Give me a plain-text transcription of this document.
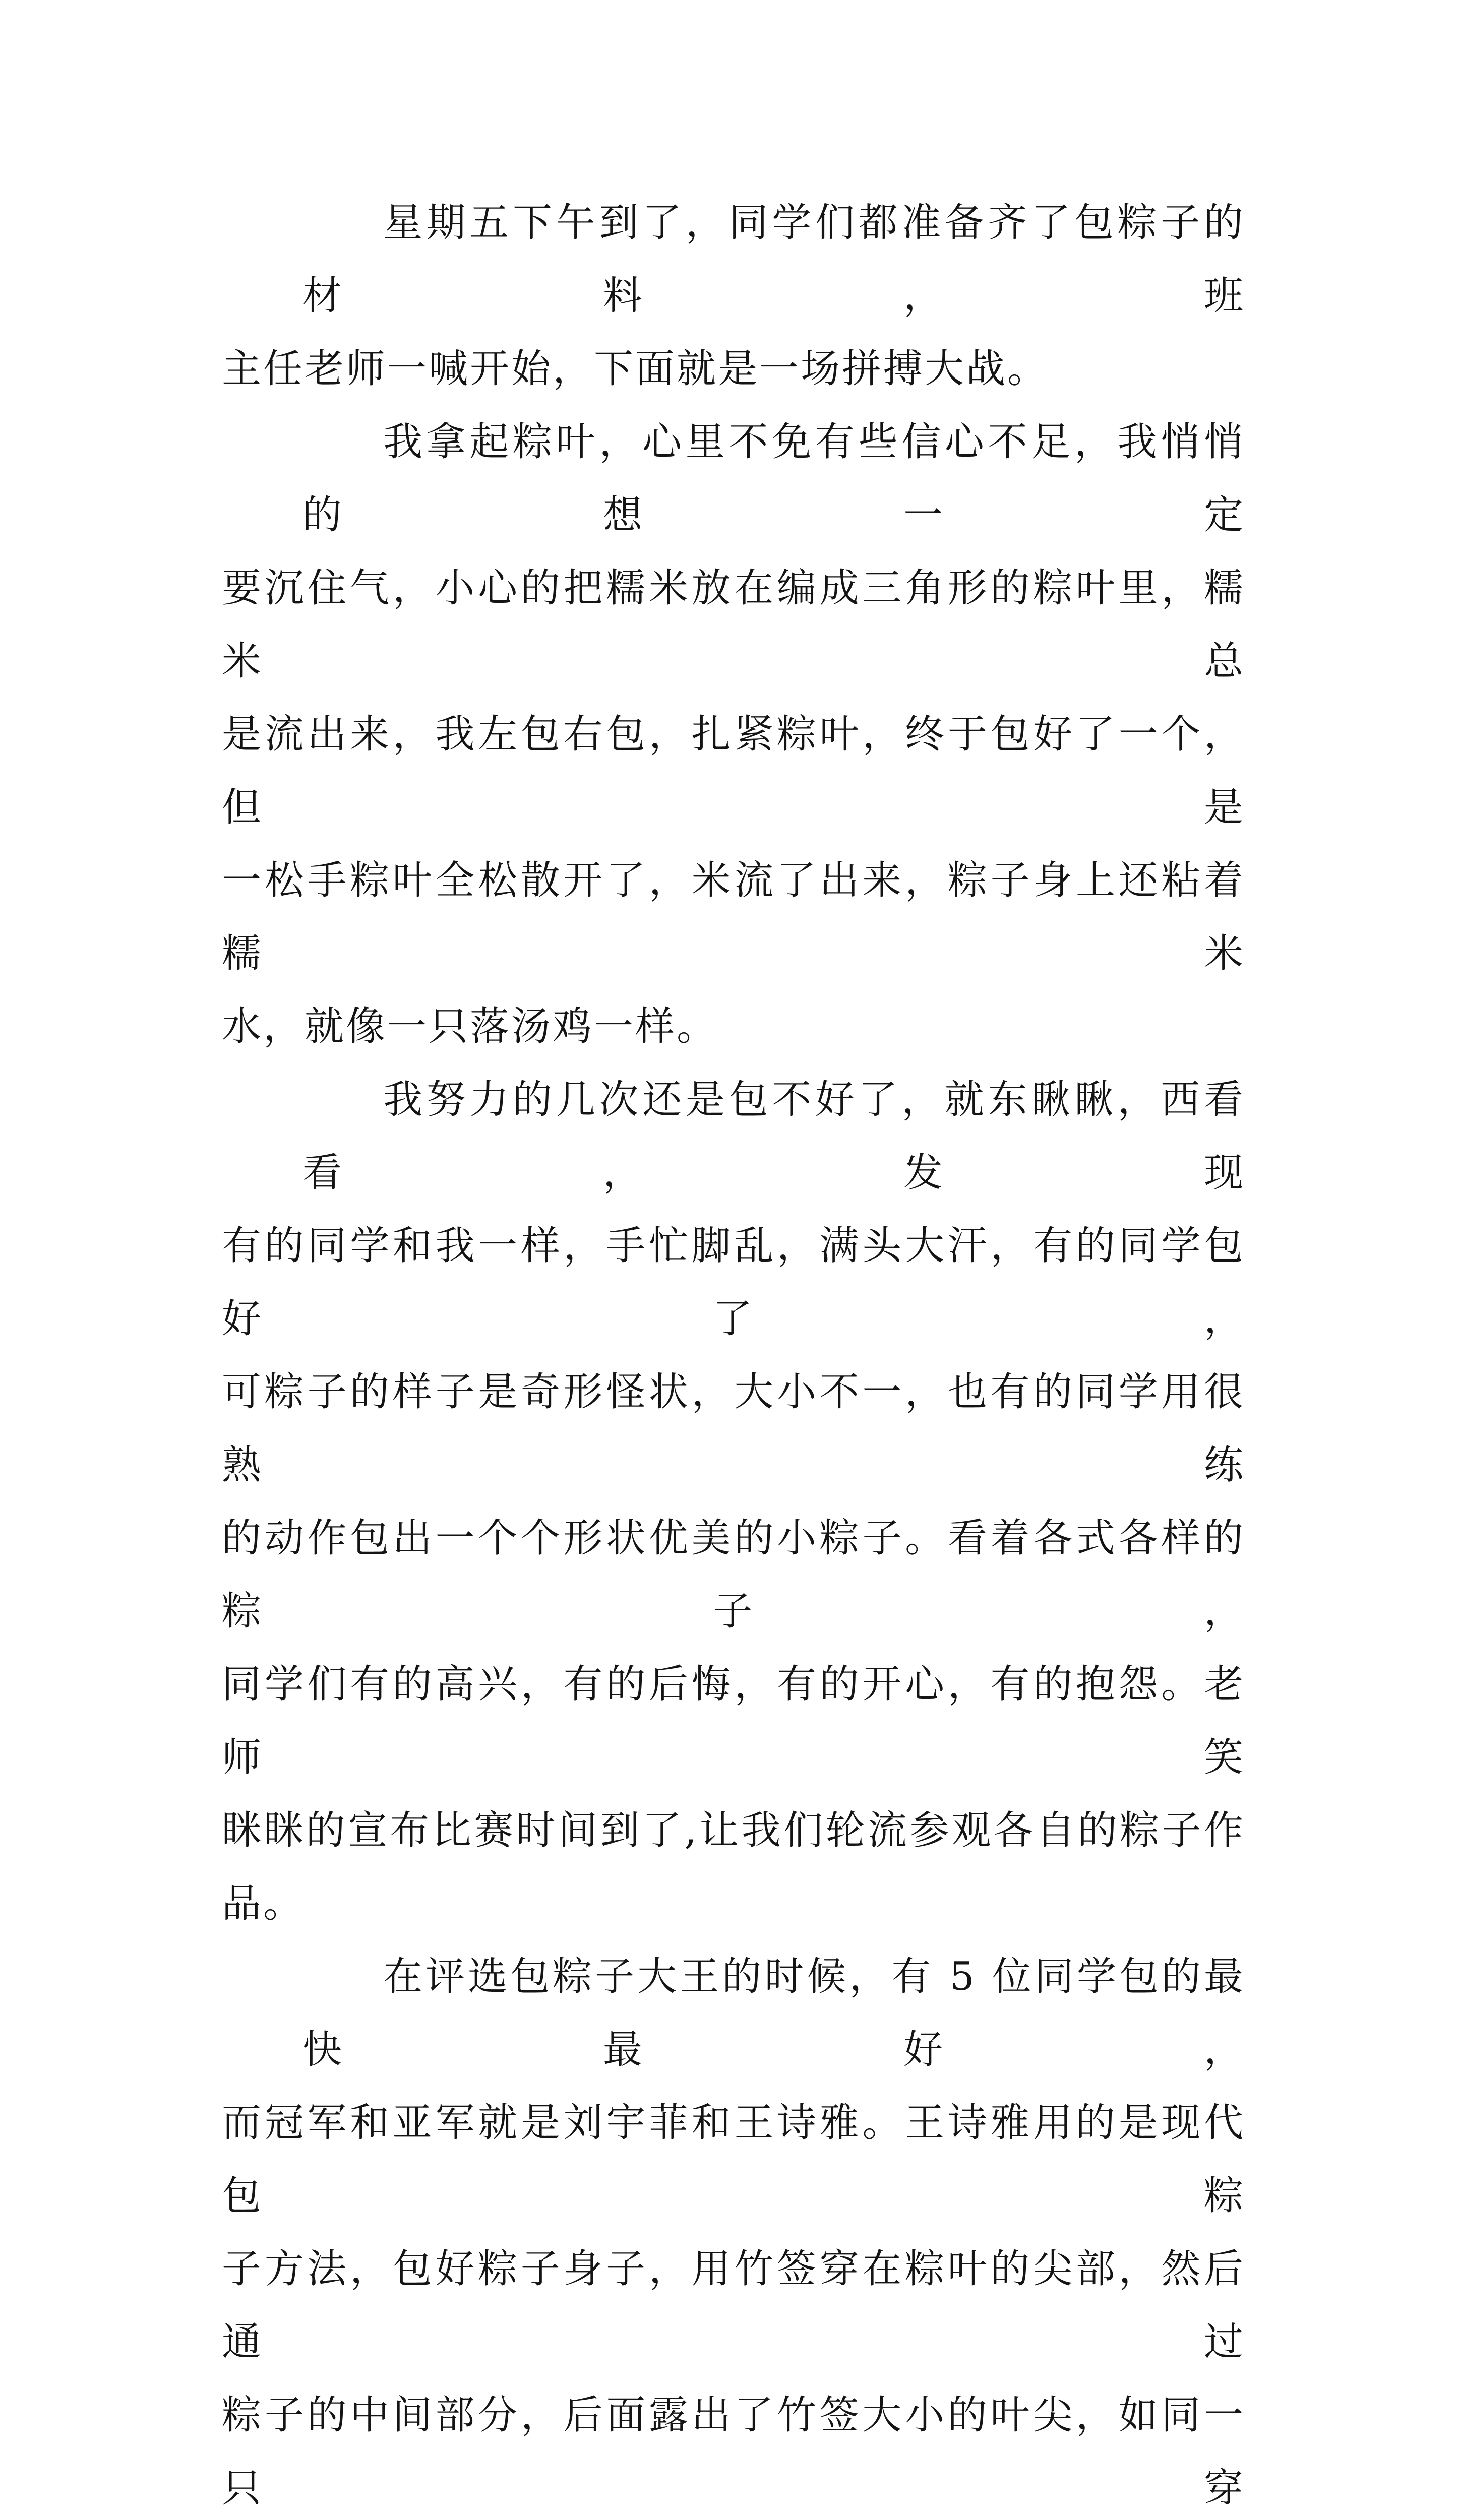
星期五下午到了，同学们都准备齐了包粽子的材料，班
主任老师一喊开始，下面就是一场拼搏大战。
我拿起粽叶，心里不免有些信心不足，我悄悄的想一定
要沉住气，小心的把糯米放在编成三角形的粽叶里，糯米总
是流出来，我左包右包，扎紧粽叶，终于包好了一个，但是
一松手粽叶全松散开了，米流了出来，粽子身上还粘着糯米
水，就像一只落汤鸡一样。
我努力的几次还是包不好了，就东瞅瞅，西看看，发现
有的同学和我一样，手忙脚乱，满头大汗，有的同学包好了，
可粽子的样子是奇形怪状，大小不一，也有的同学用很熟练
的动作包出一个个形状优美的小粽子。看着各式各样的粽子，
同学们有的高兴，有的后悔，有的开心，有的抱怨。老师笑
眯眯的宣布比赛时间到了,让我们轮流参观各自的粽子作品。
在评选包粽子大王的时候，有 5 位同学包的最快最好，
而冠军和亚军就是刘宇菲和王诗雅。王诗雅用的是现代包粽
子方法，包好粽子身子，用竹签穿在粽叶的尖部，然后通过
粽子的中间部分，后面露出了竹签大小的叶尖，如同一只穿
